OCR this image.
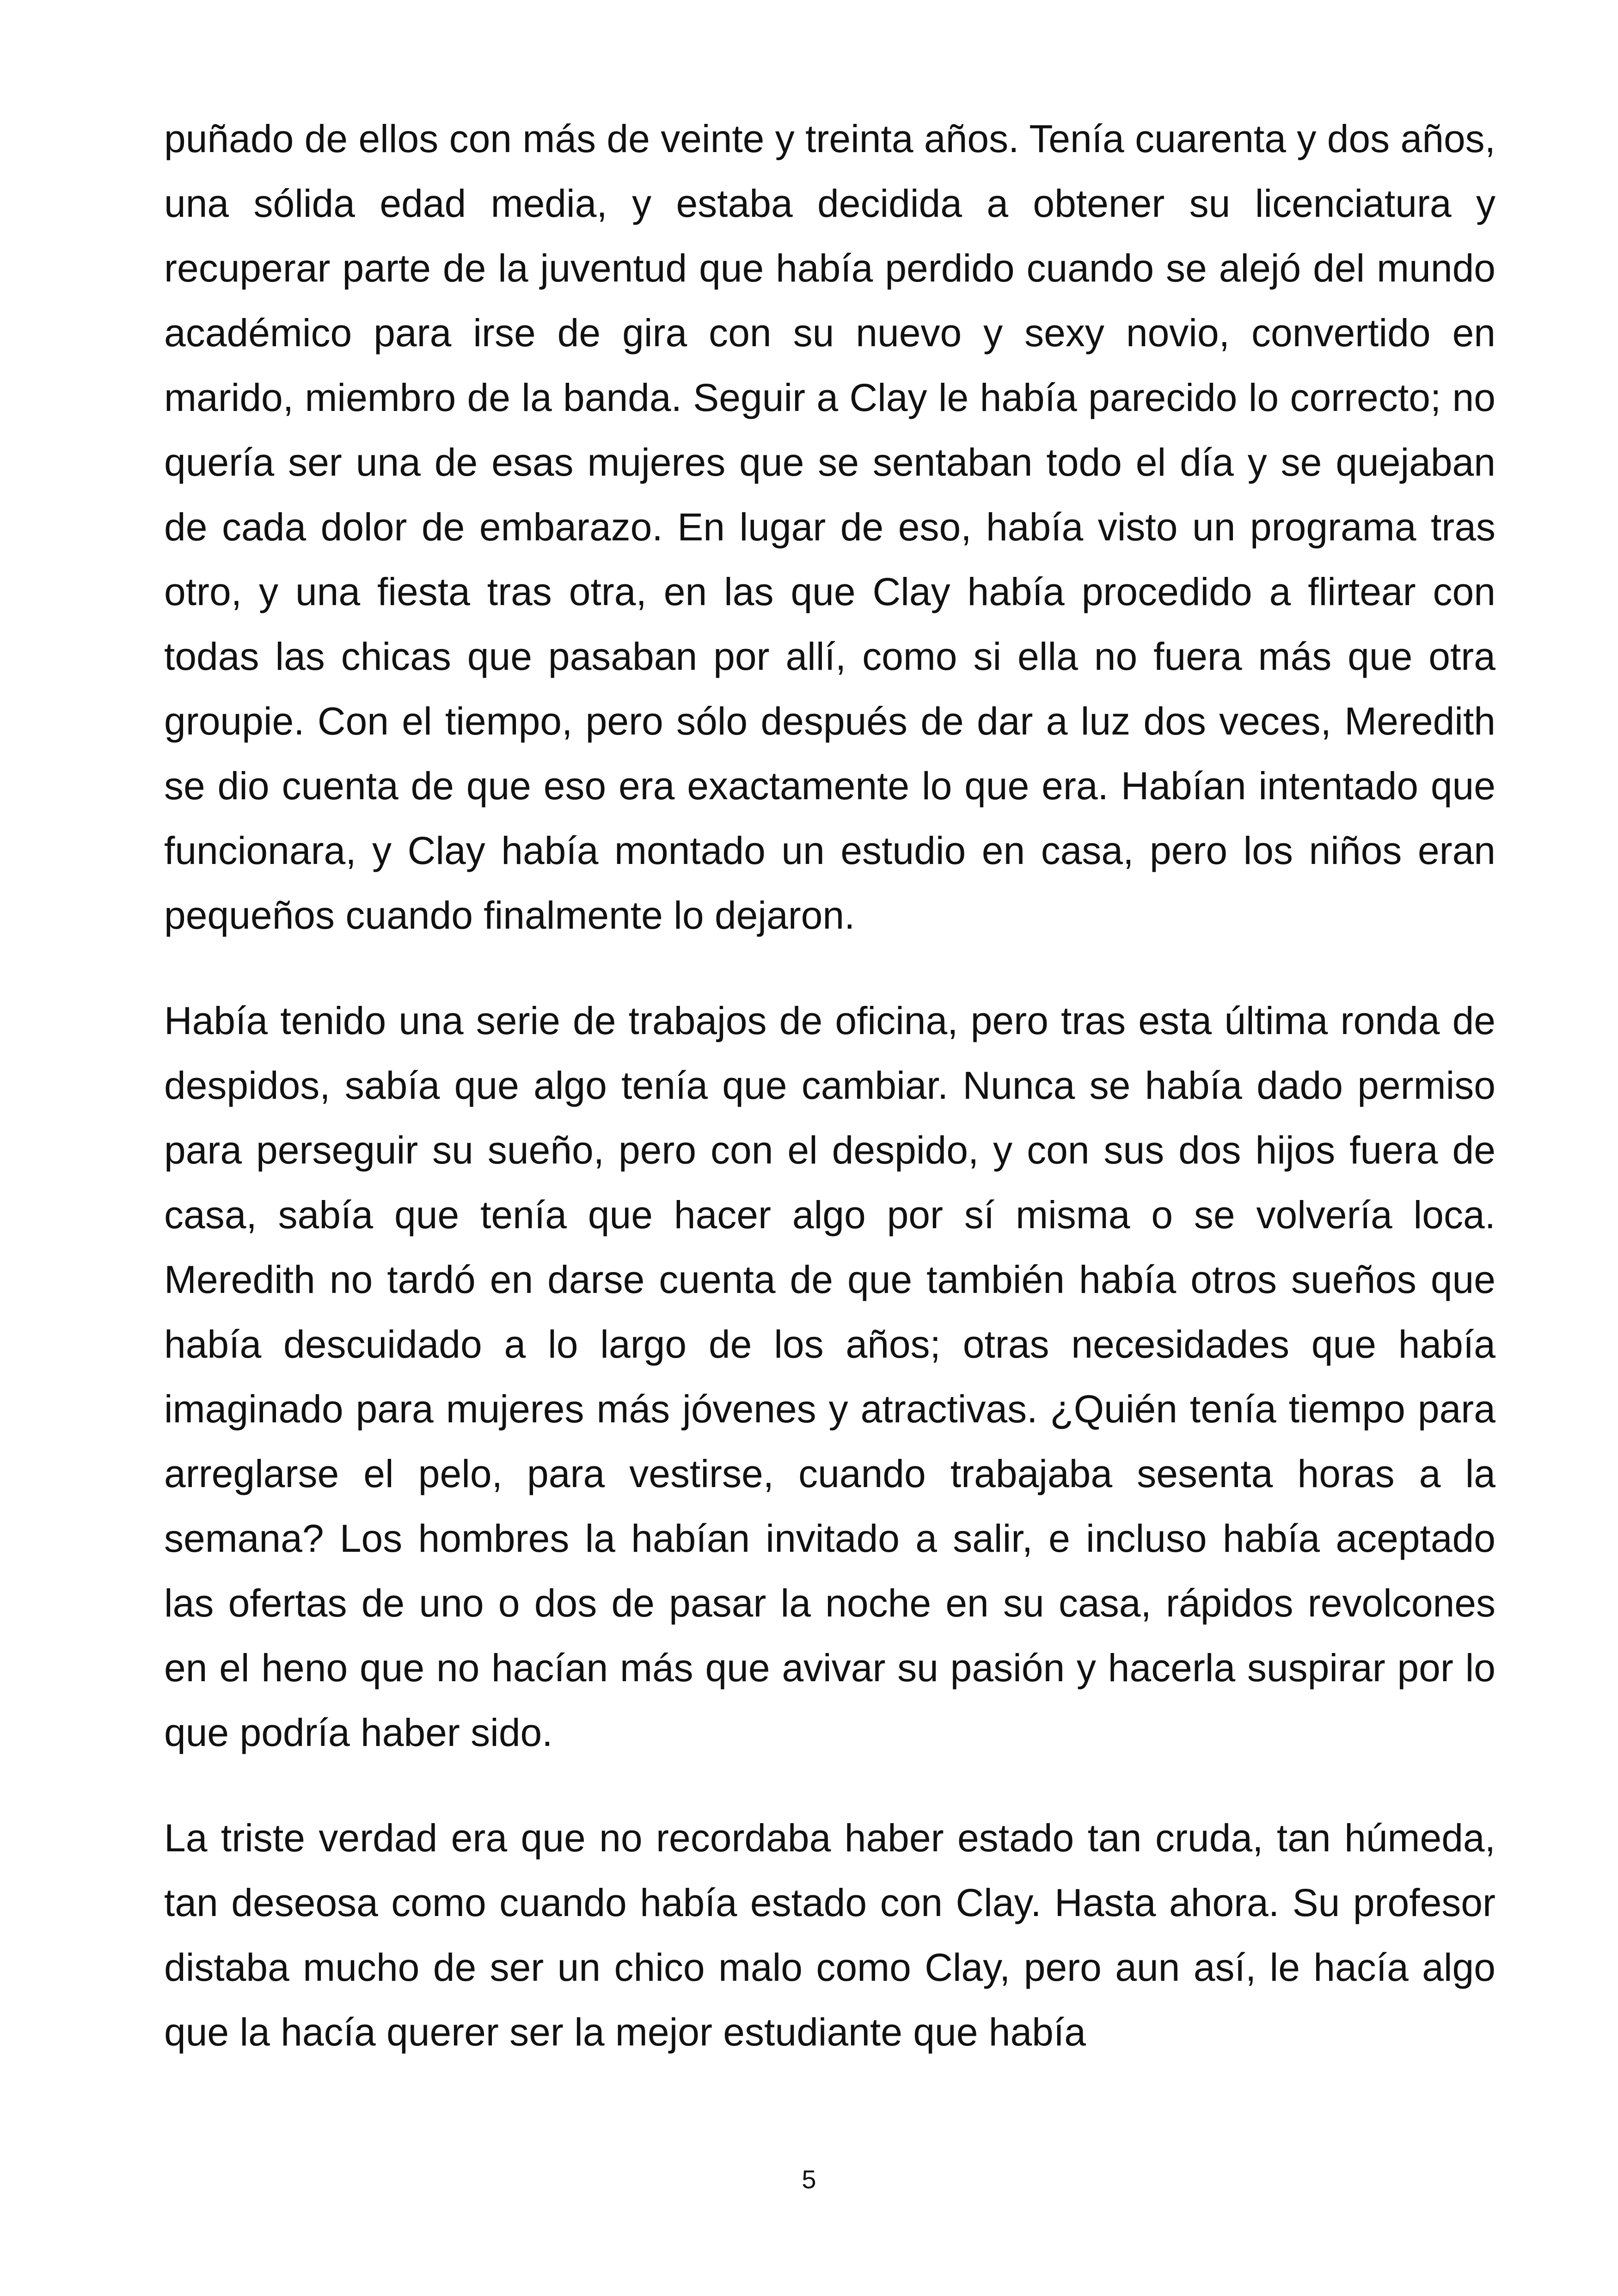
puñado de ellos con más de veinte y treinta años. Tenía cuarenta y dos años, una sólida edad media, y estaba decidida a obtener su licenciatura y recuperar parte de la juventud que había perdido cuando se alejó del mundo académico para irse de gira con su nuevo y sexy novio, convertido en marido, miembro de la banda. Seguir a Clay le había parecido lo correcto; no quería ser una de esas mujeres que se sentaban todo el día y se quejaban de cada dolor de embarazo. En lugar de eso, había visto un programa tras otro, y una fiesta tras otra, en las que Clay había procedido a flirtear con todas las chicas que pasaban por allí, como si ella no fuera más que otra groupie. Con el tiempo, pero sólo después de dar a luz dos veces, Meredith se dio cuenta de que eso era exactamente lo que era. Habían intentado que funcionara, y Clay había montado un estudio en casa, pero los niños eran pequeños cuando finalmente lo dejaron.

Había tenido una serie de trabajos de oficina, pero tras esta última ronda de despidos, sabía que algo tenía que cambiar. Nunca se había dado permiso para perseguir su sueño, pero con el despido, y con sus dos hijos fuera de casa, sabía que tenía que hacer algo por sí misma o se volvería loca. Meredith no tardó en darse cuenta de que también había otros sueños que había descuidado a lo largo de los años; otras necesidades que había imaginado para mujeres más jóvenes y atractivas. ¿Quién tenía tiempo para arreglarse el pelo, para vestirse, cuando trabajaba sesenta horas a la semana? Los hombres la habían invitado a salir, e incluso había aceptado las ofertas de uno o dos de pasar la noche en su casa, rápidos revolcones en el heno que no hacían más que avivar su pasión y hacerla suspirar por lo que podría haber sido.

La triste verdad era que no recordaba haber estado tan cruda, tan húmeda, tan deseosa como cuando había estado con Clay. Hasta ahora. Su profesor distaba mucho de ser un chico malo como Clay, pero aun así, le hacía algo que la hacía querer ser la mejor estudiante que había

5
